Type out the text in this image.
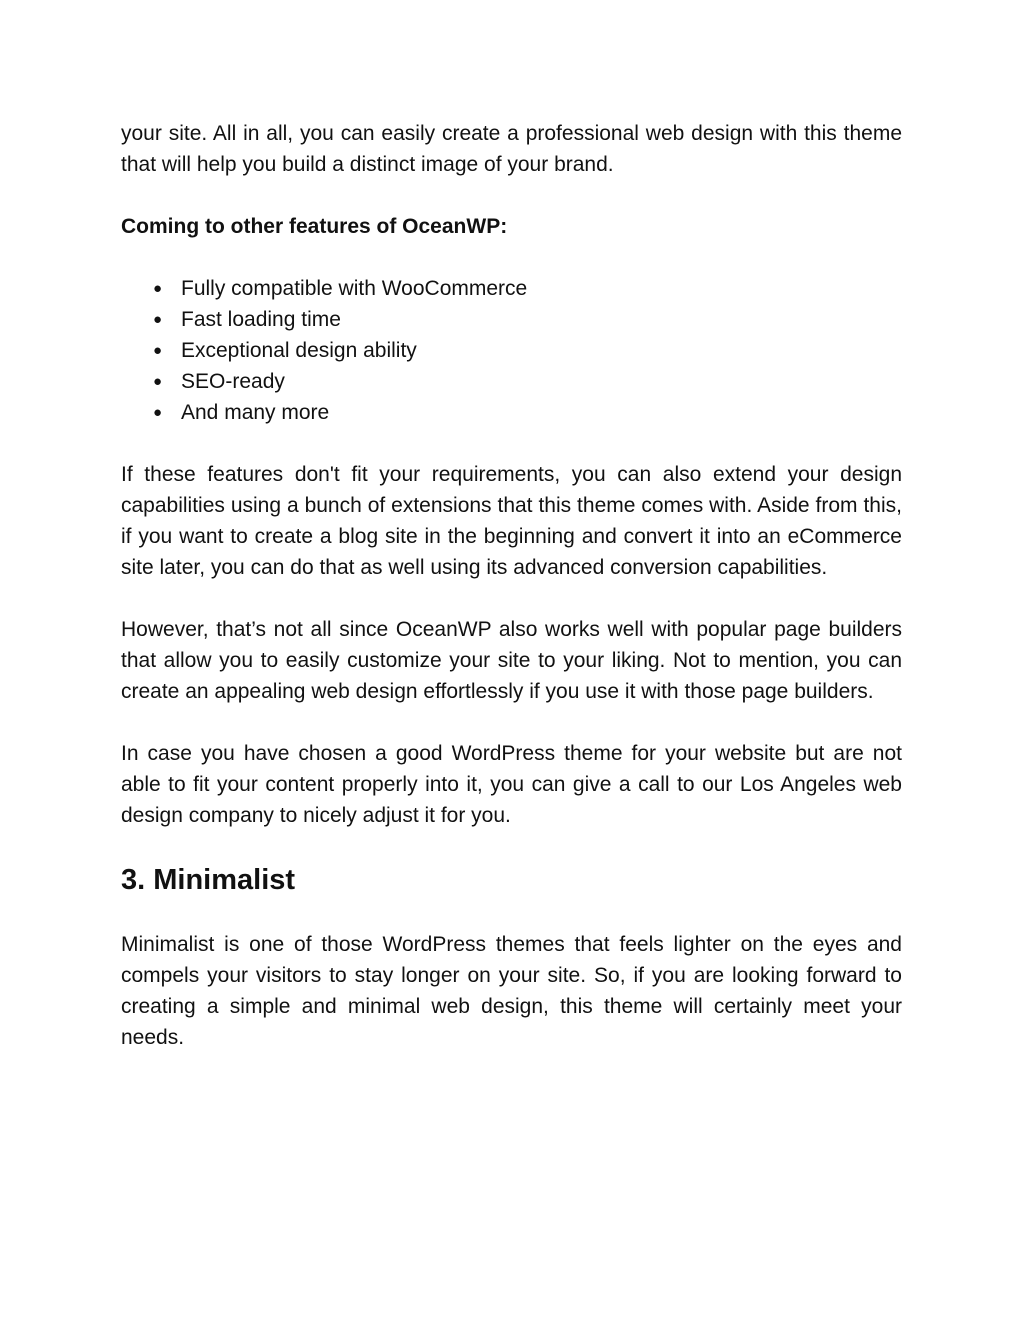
your site. All in all, you can easily create a professional web design with this theme that will help you build a distinct image of your brand.

Coming to other features of OceanWP:
● Fully compatible with WooCommerce
● Fast loading time
● Exceptional design ability
● SEO-ready
● And many more

If these features don't fit your requirements, you can also extend your design capabilities using a bunch of extensions that this theme comes with. Aside from this, if you want to create a blog site in the beginning and convert it into an eCommerce site later, you can do that as well using its advanced conversion capabilities.

However, that’s not all since OceanWP also works well with popular page builders that allow you to easily customize your site to your liking. Not to mention, you can create an appealing web design effortlessly if you use it with those page builders.

In case you have chosen a good WordPress theme for your website but are not able to fit your content properly into it, you can give a call to our Los Angeles web design company to nicely adjust it for you.

3. Minimalist

Minimalist is one of those WordPress themes that feels lighter on the eyes and compels your visitors to stay longer on your site. So, if you are looking forward to creating a simple and minimal web design, this theme will certainly meet your needs.
